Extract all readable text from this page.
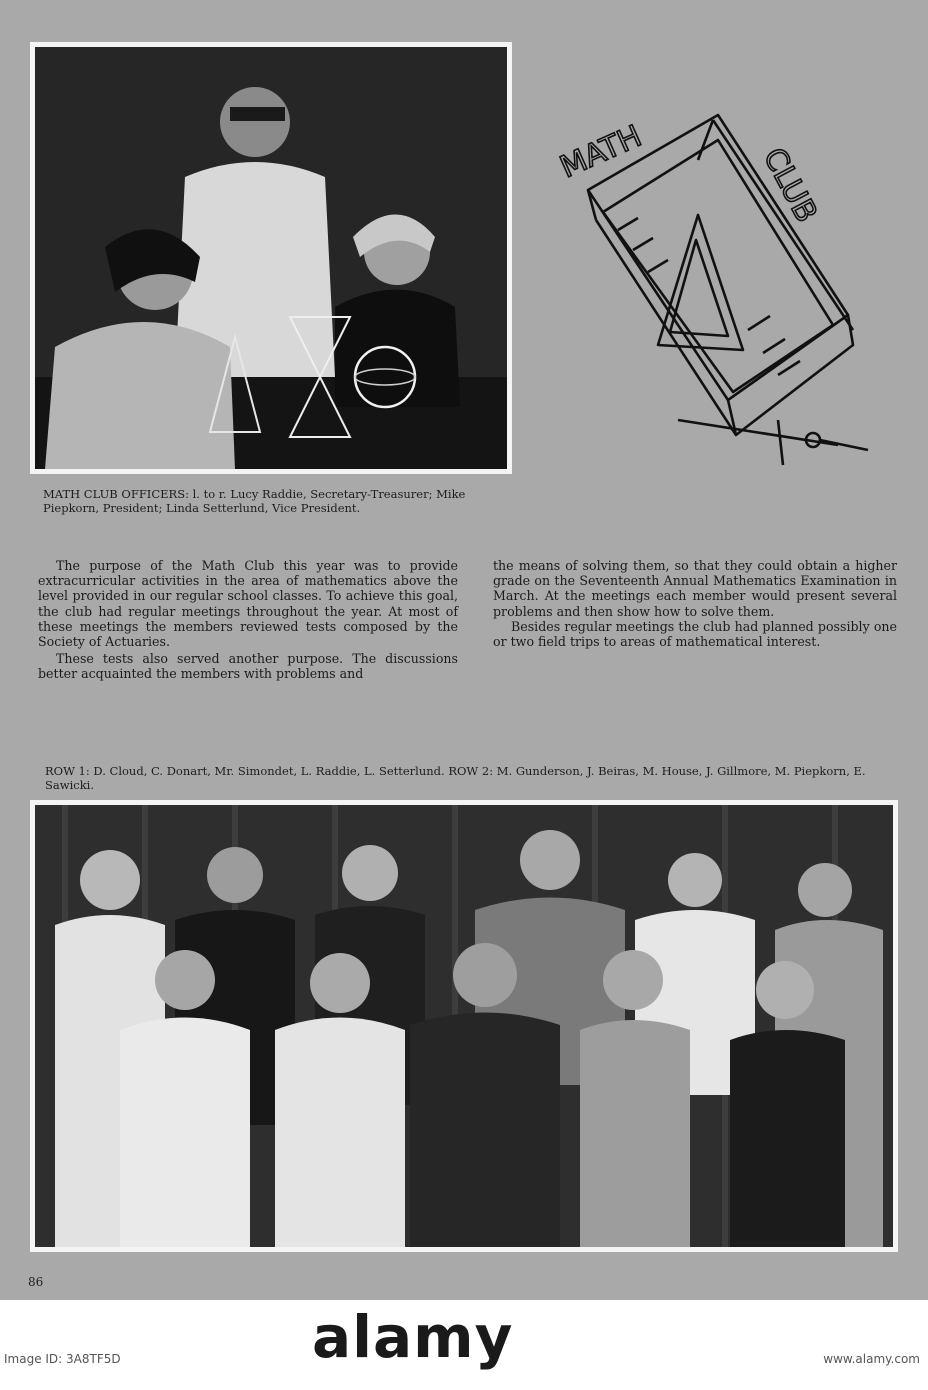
MATH CLUB OFFICERS: l. to r. Lucy Raddie, Secretary-Treasurer; Mike Piepkorn, President; Linda Setterlund, Vice President.
MATH	CLUB

The purpose of the Math Club this year was to provide extracurricular activities in the area of mathematics above the level provided in our regular school classes. To achieve this goal, the club had regular meetings throughout the year. At most of these meetings the members reviewed tests composed by the Society of Actuaries.

These tests also served another purpose. The discussions better acquainted the members with problems and

the means of solving them, so that they could obtain a higher grade on the Seventeenth Annual Mathematics Examination in March. At the meetings each member would present several problems and then show how to solve them.

Besides regular meetings the club had planned possibly one or two field trips to areas of mathematical interest.

ROW 1: D. Cloud, C. Donart, Mr. Simondet, L. Raddie, L. Setterlund. ROW 2: M. Gunderson, J. Beiras, M. House, J. Gillmore, M. Piepkorn, E. Sawicki.
86
alamy
Image ID: 3A8TF5D	www.alamy.com
